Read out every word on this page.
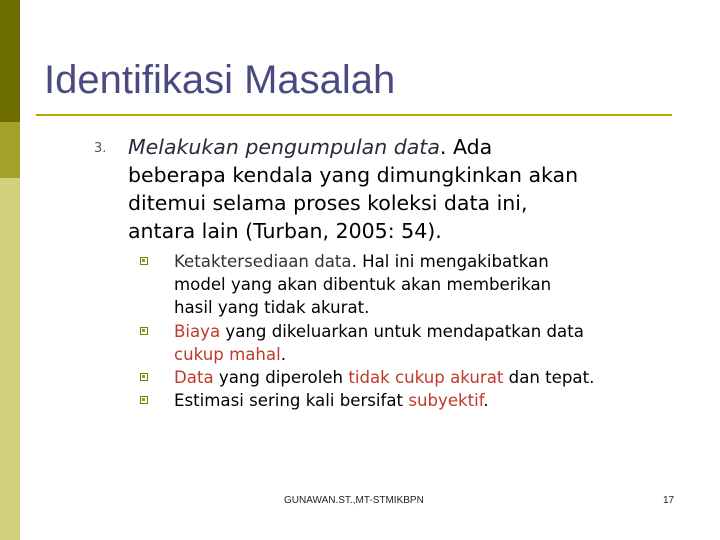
Identifikasi Masalah
3. Melakukan pengumpulan data. Ada
beberapa kendala yang dimungkinkan akan
ditemui selama proses koleksi data ini,
antara lain (Turban, 2005: 54).
Ketaktersediaan data. Hal ini mengakibatkan
model yang akan dibentuk akan memberikan
hasil yang tidak akurat.
Biaya yang dikeluarkan untuk mendapatkan data
cukup mahal.
Data yang diperoleh tidak cukup akurat dan tepat.
Estimasi sering kali bersifat subyektif.
GUNAWAN.ST.,MT-STMIKBPN	17
